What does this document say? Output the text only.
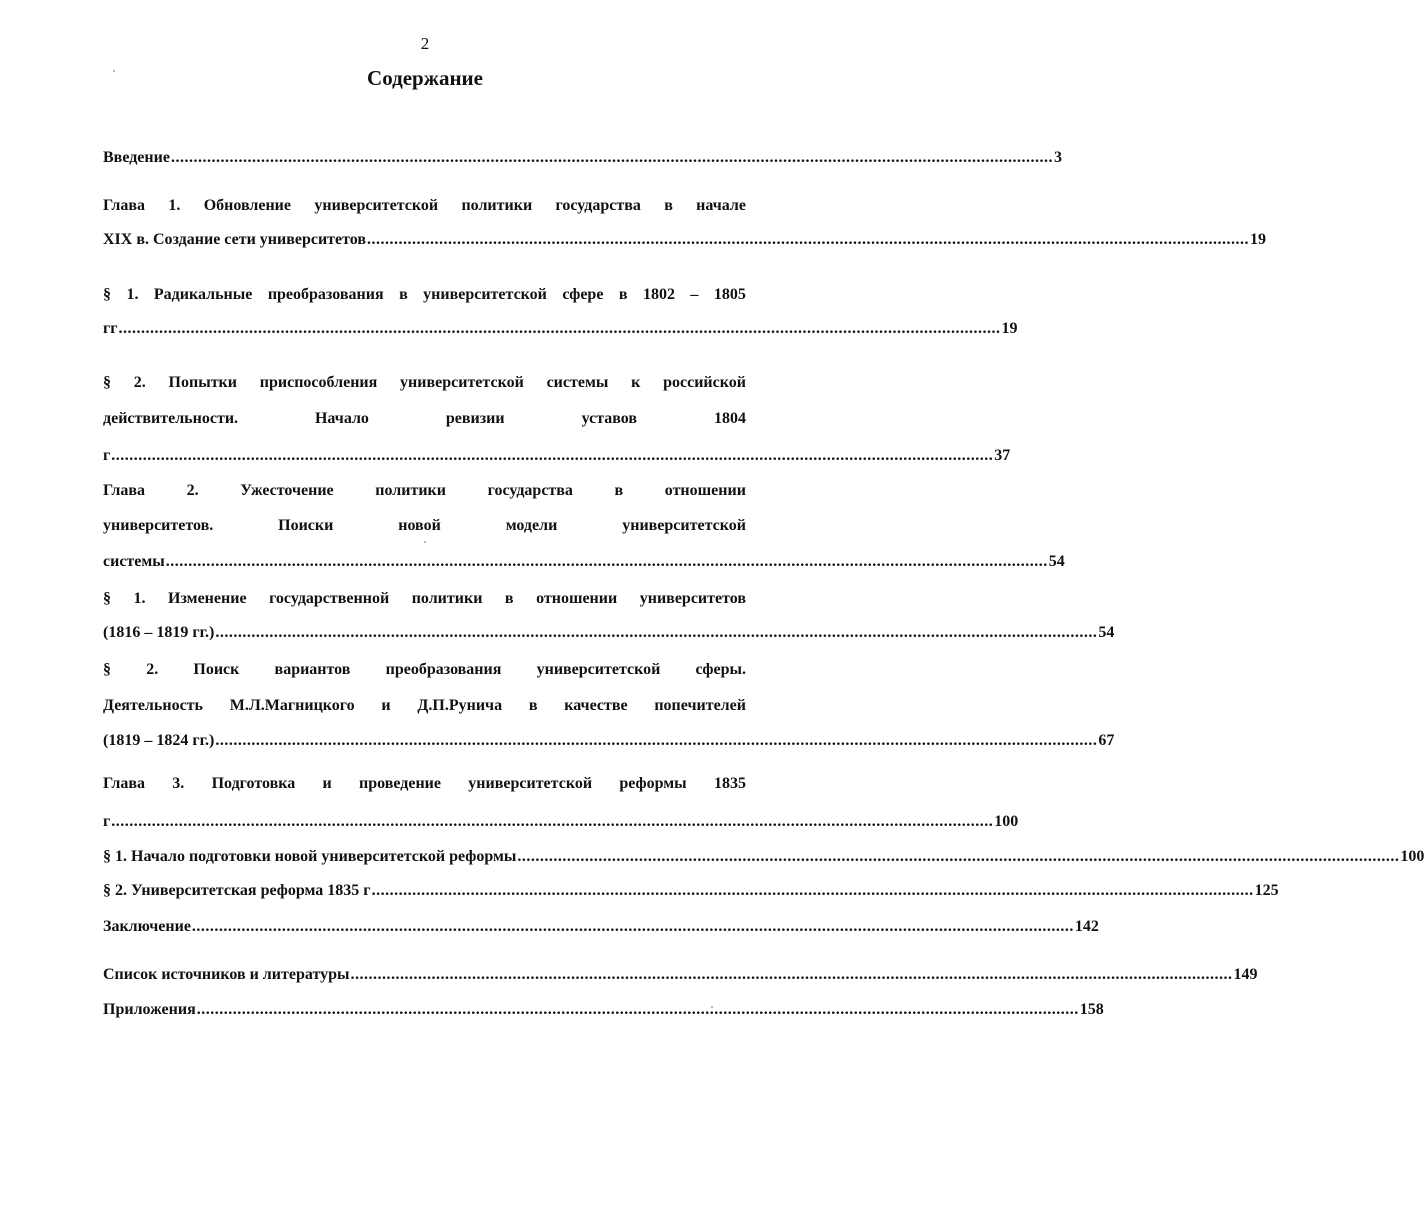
2
Содержание
Введение .................................................................................................................................................................................................... 3
Глава 1. Обновление университетской политики государства в начале
XIX в. Создание сети университетов .................................................................................................................................................................................................... 19
§ 1. Радикальные преобразования в университетской сфере в 1802 – 1805
гг .................................................................................................................................................................................................... 19
§ 2. Попытки приспособления университетской системы к российской
действительности.	Начало	ревизии	уставов	1804
г .................................................................................................................................................................................................... 37
Глава	2.	Ужесточение	политики	государства	в	отношении
университетов.	Поиски	новой	модели	университетской
системы .................................................................................................................................................................................................... 54
§ 1. Изменение государственной политики в отношении университетов
(1816 – 1819 гг.) .................................................................................................................................................................................................... 54
§ 2. Поиск вариантов преобразования университетской сферы.
Деятельность М.Л.Магницкого и Д.П.Рунича в качестве попечителей
(1819 – 1824 гг.) .................................................................................................................................................................................................... 67
Глава 3. Подготовка и проведение университетской реформы 1835
г .................................................................................................................................................................................................... 100
§ 1. Начало подготовки новой университетской реформы .................................................................................................................................................................................................... 100
§ 2. Университетская реформа 1835 г .................................................................................................................................................................................................... 125
Заключение .................................................................................................................................................................................................... 142
Список источников и литературы .................................................................................................................................................................................................... 149
Приложения .................................................................................................................................................................................................... 158
